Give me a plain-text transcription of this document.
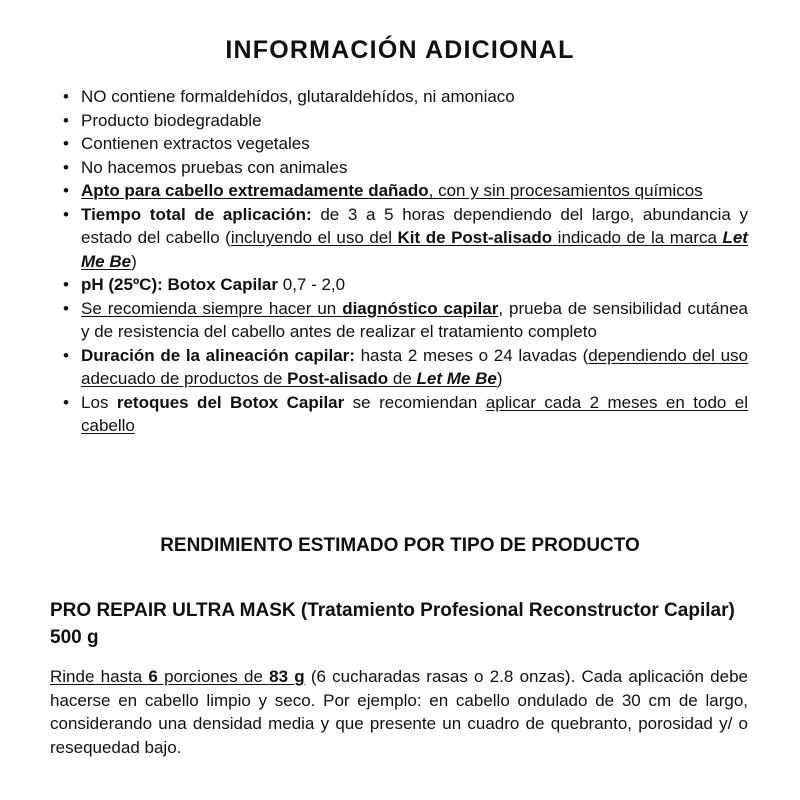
INFORMACIÓN ADICIONAL
• NO contiene formaldehídos, glutaraldehídos, ni amoniaco
• Producto biodegradable
• Contienen extractos vegetales
• No hacemos pruebas con animales
• Apto para cabello extremadamente dañado, con y sin procesamientos químicos
• Tiempo total de aplicación: de 3 a 5 horas dependiendo del largo, abundancia y estado del cabello (incluyendo el uso del Kit de Post-alisado indicado de la marca Let Me Be)
• pH (25ºC): Botox Capilar 0,7 - 2,0
• Se recomienda siempre hacer un diagnóstico capilar, prueba de sensibilidad cutánea y de resistencia del cabello antes de realizar el tratamiento completo
• Duración de la alineación capilar: hasta 2 meses o 24 lavadas (dependiendo del uso adecuado de productos de Post-alisado de Let Me Be)
• Los retoques del Botox Capilar se recomiendan aplicar cada 2 meses en todo el cabello
RENDIMIENTO ESTIMADO POR TIPO DE PRODUCTO
PRO REPAIR ULTRA MASK (Tratamiento Profesional Reconstructor Capilar) 500 g

Rinde hasta 6 porciones de 83 g (6 cucharadas rasas o 2.8 onzas). Cada aplicación debe hacerse en cabello limpio y seco. Por ejemplo: en cabello ondulado de 30 cm de largo, considerando una densidad media y que presente un cuadro de quebranto, porosidad y/ o resequedad bajo.
